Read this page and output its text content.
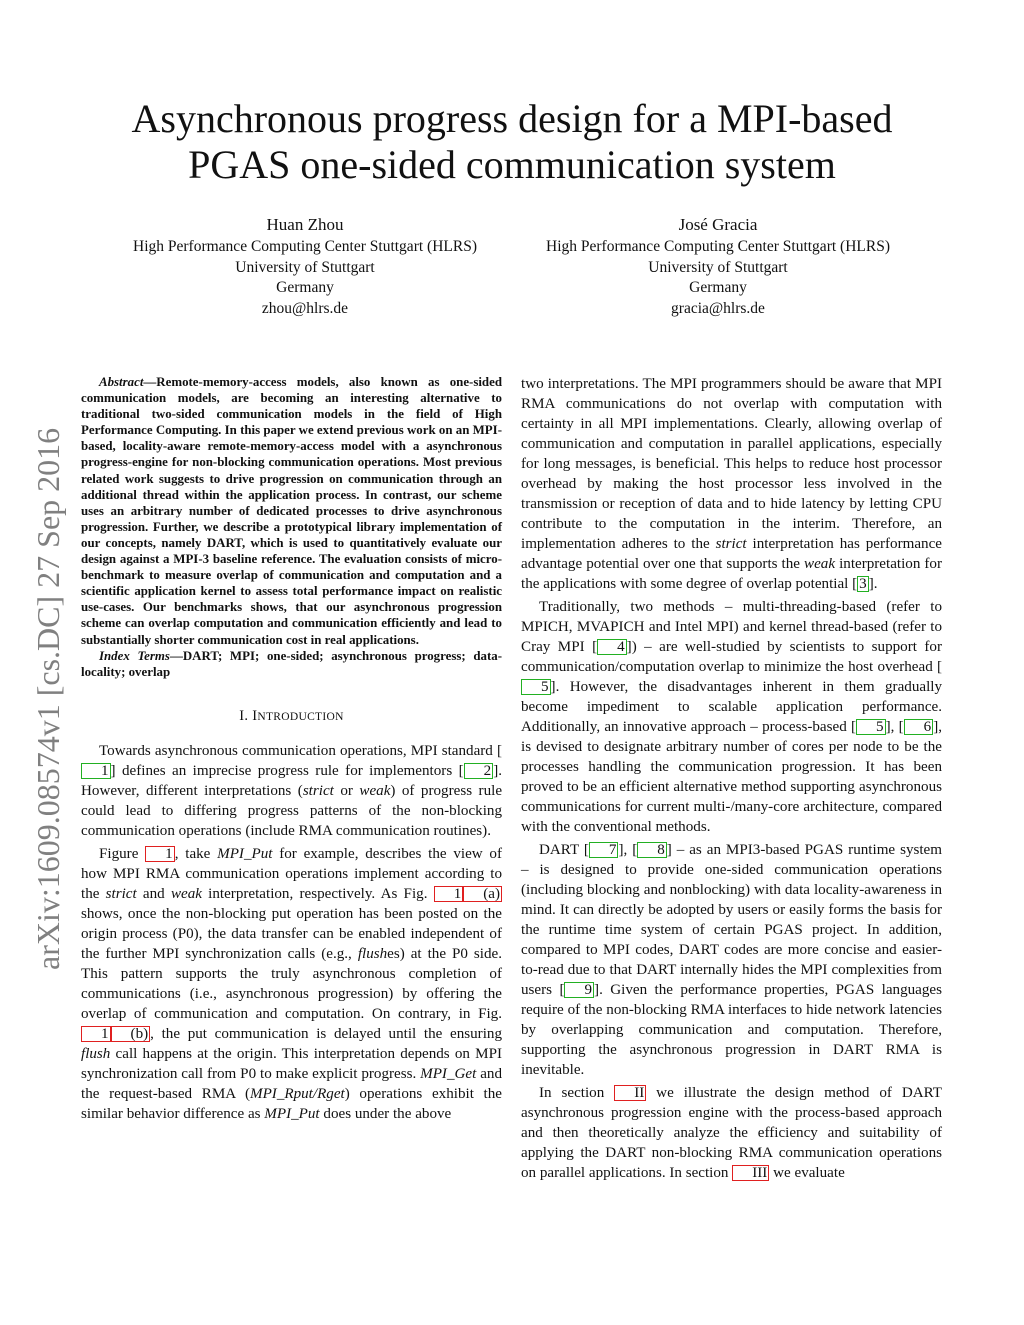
arXiv:1609.08574v1 [cs.DC] 27 Sep 2016
Asynchronous progress design for a MPI-based
PGAS one-sided communication system
Huan Zhou
High Performance Computing Center Stuttgart (HLRS)
University of Stuttgart
Germany
zhou@hlrs.de
José Gracia
High Performance Computing Center Stuttgart (HLRS)
University of Stuttgart
Germany
gracia@hlrs.de

Abstract—Remote-memory-access models, also known as one-sided communication models, are becoming an interesting alternative to traditional two-sided communication models in the field of High Performance Computing. In this paper we extend previous work on an MPI-based, locality-aware remote-memory-access model with a asynchronous progress-engine for non-blocking communication operations. Most previous related work suggests to drive progression on communication through an additional thread within the application process. In contrast, our scheme uses an arbitrary number of dedicated processes to drive asynchronous progression. Further, we describe a prototypical library implementation of our concepts, namely DART, which is used to quantitatively evaluate our design against a MPI-3 baseline reference. The evaluation consists of micro-benchmark to measure overlap of communication and computation and a scientific application kernel to assess total performance impact on realistic use-cases. Our benchmarks shows, that our asynchronous progression scheme can overlap computation and communication efficiently and lead to substantially shorter communication cost in real applications.

Index Terms—DART; MPI; one-sided; asynchronous progress; data-locality; overlap

I. INTRODUCTION

Towards asynchronous communication operations, MPI standard [1 ] defines an imprecise progress rule for implementors [ 2 ]. However, different interpretations (strict or weak) of progress rule could lead to differing progress patterns of the non-blocking communication operations (include RMA communication routines).

Figure 1 , take MPI_Put for example, describes the view of how MPI RMA communication operations implement according to the strict and weak interpretation, respectively. As Fig. 1 (a) shows, once the non-blocking put operation has been posted on the origin process (P0), the data transfer can be enabled independent of the further MPI synchronization calls (e.g., flushes) at the P0 side. This pattern supports the truly asynchronous completion of communications (i.e., asynchronous progression) by offering the overlap of communication and computation. On contrary, in Fig. 1 (b) , the put communication is delayed until the ensuring flush call happens at the origin. This interpretation depends on MPI synchronization call from P0 to make explicit progress. MPI_Get and the request-based RMA (MPI_Rput/Rget) operations exhibit the similar behavior difference as MPI_Put does under the above

two interpretations. The MPI programmers should be aware that MPI RMA communications do not overlap with computation with certainty in all MPI implementations. Clearly, allowing overlap of communication and computation in parallel applications, especially for long messages, is beneficial. This helps to reduce host processor overhead by making the host processor less involved in the transmission or reception of data and to hide latency by letting CPU contribute to the computation in the interim. Therefore, an implementation adheres to the strict interpretation has performance advantage potential over one that supports the weak interpretation for the applications with some degree of overlap potential [ 3 ].

Traditionally, two methods – multi-threading-based (refer to MPICH, MVAPICH and Intel MPI) and kernel thread-based (refer to Cray MPI [ 4 ]) – are well-studied by scientists to support for communication/computation overlap to minimize the host overhead [5 ]. However, the disadvantages inherent in them gradually become impediment to scalable application performance. Additionally, an innovative approach – process-based [ 5 ], [ 6 ], is devised to designate arbitrary number of cores per node to be the processes handling the communication progression. It has been proved to be an efficient alternative method supporting asynchronous communications for current multi-/many-core architecture, compared with the conventional methods.

DART [ 7 ], [ 8 ] – as an MPI3-based PGAS runtime system – is designed to provide one-sided communication operations (including blocking and nonblocking) with data locality-awareness in mind. It can directly be adopted by users or easily forms the basis for the runtime time system of certain PGAS project. In addition, compared to MPI codes, DART codes are more concise and easier-to-read due to that DART internally hides the MPI complexities from users [ 9 ]. Given the performance properties, PGAS languages require of the non-blocking RMA interfaces to hide network latencies by overlapping communication and computation. Therefore, supporting the asynchronous progression in DART RMA is inevitable.

In section II we illustrate the design method of DART asynchronous progression engine with the process-based approach and then theoretically analyze the efficiency and suitability of applying the DART non-blocking RMA communication operations on parallel applications. In section III we evaluate
